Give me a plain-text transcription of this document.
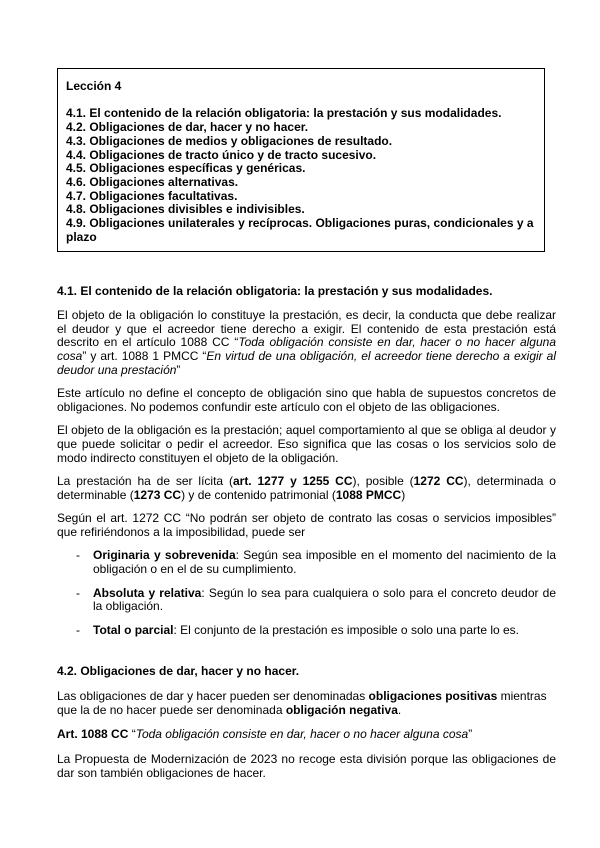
Lección 4
4.1. El contenido de la relación obligatoria: la prestación y sus modalidades.
4.2. Obligaciones de dar, hacer y no hacer.
4.3. Obligaciones de medios y obligaciones de resultado.
4.4. Obligaciones de tracto único y de tracto sucesivo.
4.5. Obligaciones específicas y genéricas.
4.6. Obligaciones alternativas.
4.7. Obligaciones facultativas.
4.8. Obligaciones divisibles e indivisibles.
4.9. Obligaciones unilaterales y recíprocas. Obligaciones puras, condicionales y a plazo
4.1. El contenido de la relación obligatoria: la prestación y sus modalidades.

El objeto de la obligación lo constituye la prestación, es decir, la conducta que debe realizar el deudor y que el acreedor tiene derecho a exigir. El contenido de esta prestación está descrito en el artículo 1088 CC “Toda obligación consiste en dar, hacer o no hacer alguna cosa” y art. 1088 1 PMCC “En virtud de una obligación, el acreedor tiene derecho a exigir al deudor una prestación”

Este artículo no define el concepto de obligación sino que habla de supuestos concretos de obligaciones. No podemos confundir este artículo con el objeto de las obligaciones.

El objeto de la obligación es la prestación; aquel comportamiento al que se obliga al deudor y que puede solicitar o pedir el acreedor. Eso significa que las cosas o los servicios solo de modo indirecto constituyen el objeto de la obligación.

La prestación ha de ser lícita (art. 1277 y 1255 CC), posible (1272 CC), determinada o determinable (1273 CC) y de contenido patrimonial (1088 PMCC)

Según el art. 1272 CC “No podrán ser objeto de contrato las cosas o servicios imposibles” que refiriéndonos a la imposibilidad, puede ser

- Originaria y sobrevenida: Según sea imposible en el momento del nacimiento de la obligación o en el de su cumplimiento.
- Absoluta y relativa: Según lo sea para cualquiera o solo para el concreto deudor de la obligación.
- Total o parcial: El conjunto de la prestación es imposible o solo una parte lo es.
4.2. Obligaciones de dar, hacer y no hacer.

Las obligaciones de dar y hacer pueden ser denominadas obligaciones positivas mientras que la de no hacer puede ser denominada obligación negativa.

Art. 1088 CC “Toda obligación consiste en dar, hacer o no hacer alguna cosa”

La Propuesta de Modernización de 2023 no recoge esta división porque las obligaciones de dar son también obligaciones de hacer.
